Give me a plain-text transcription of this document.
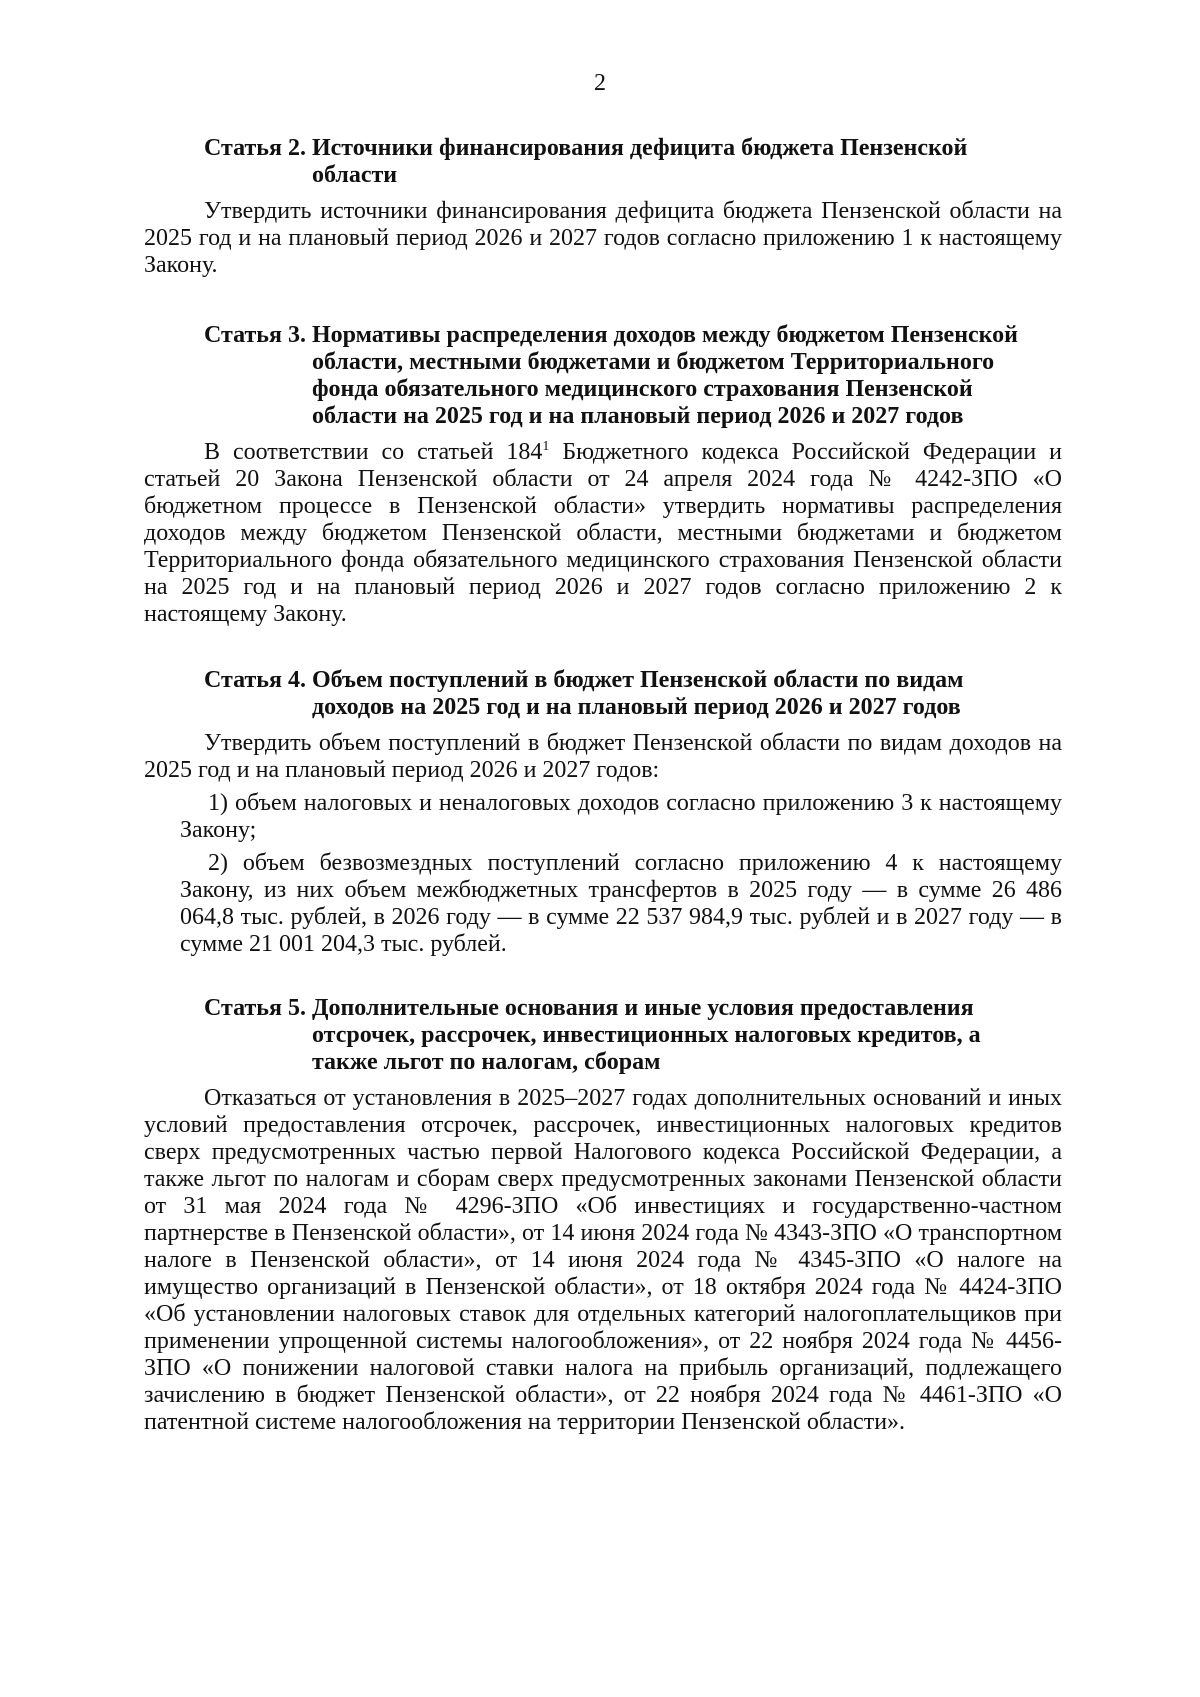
2
Статья 2. Источники финансирования дефицита бюджета Пензенской
области

Утвердить источники финансирования дефицита бюджета Пензенской области на 2025 год и на плановый период 2026 и 2027 годов согласно приложению 1 к настоящему Закону.

Статья 3. Нормативы распределения доходов между бюджетом Пензенской
области, местными бюджетами и бюджетом Территориального
фонда обязательного медицинского страхования Пензенской
области на 2025 год и на плановый период 2026 и 2027 годов

В соответствии со статьей $184^1$ Бюджетного кодекса Российской Федерации и статьей 20 Закона Пензенской области от 24 апреля 2024 года № 4242-ЗПО «О бюджетном процессе в Пензенской области» утвердить нормативы распределения доходов между бюджетом Пензенской области, местными бюджетами и бюджетом Территориального фонда обязательного медицинского страхования Пензенской области на 2025 год и на плановый период 2026 и 2027 годов согласно приложению 2 к настоящему Закону.

Статья 4. Объем поступлений в бюджет Пензенской области по видам
доходов на 2025 год и на плановый период 2026 и 2027 годов

Утвердить объем поступлений в бюджет Пензенской области по видам доходов на 2025 год и на плановый период 2026 и 2027 годов:

1) объем налоговых и неналоговых доходов согласно приложению 3 к настоящему Закону;

2) объем безвозмездных поступлений согласно приложению 4 к настоящему Закону, из них объем межбюджетных трансфертов в 2025 году — в сумме 26 486 064,8 тыс. рублей, в 2026 году — в сумме 22 537 984,9 тыс. рублей и в 2027 году — в сумме 21 001 204,3 тыс. рублей.

Статья 5. Дополнительные основания и иные условия предоставления
отсрочек, рассрочек, инвестиционных налоговых кредитов, а
также льгот по налогам, сборам

Отказаться от установления в 2025–2027 годах дополнительных оснований и иных условий предоставления отсрочек, рассрочек, инвестиционных налоговых кредитов сверх предусмотренных частью первой Налогового кодекса Российской Федерации, а также льгот по налогам и сборам сверх предусмотренных законами Пензенской области от 31 мая 2024 года № 4296-ЗПО «Об инвестициях и государственно-частном партнерстве в Пензенской области», от 14 июня 2024 года № 4343-ЗПО «О транспортном налоге в Пензенской области», от 14 июня 2024 года № 4345-ЗПО «О налоге на имущество организаций в Пензенской области», от 18 октября 2024 года № 4424-ЗПО «Об установлении налоговых ставок для отдельных категорий налогоплательщиков при применении упрощенной системы налогообложения», от 22 ноября 2024 года № 4456-ЗПО «О понижении налоговой ставки налога на прибыль организаций, подлежащего зачислению в бюджет Пензенской области», от 22 ноября 2024 года № 4461-ЗПО «О патентной системе налогообложения на территории Пензенской области».
